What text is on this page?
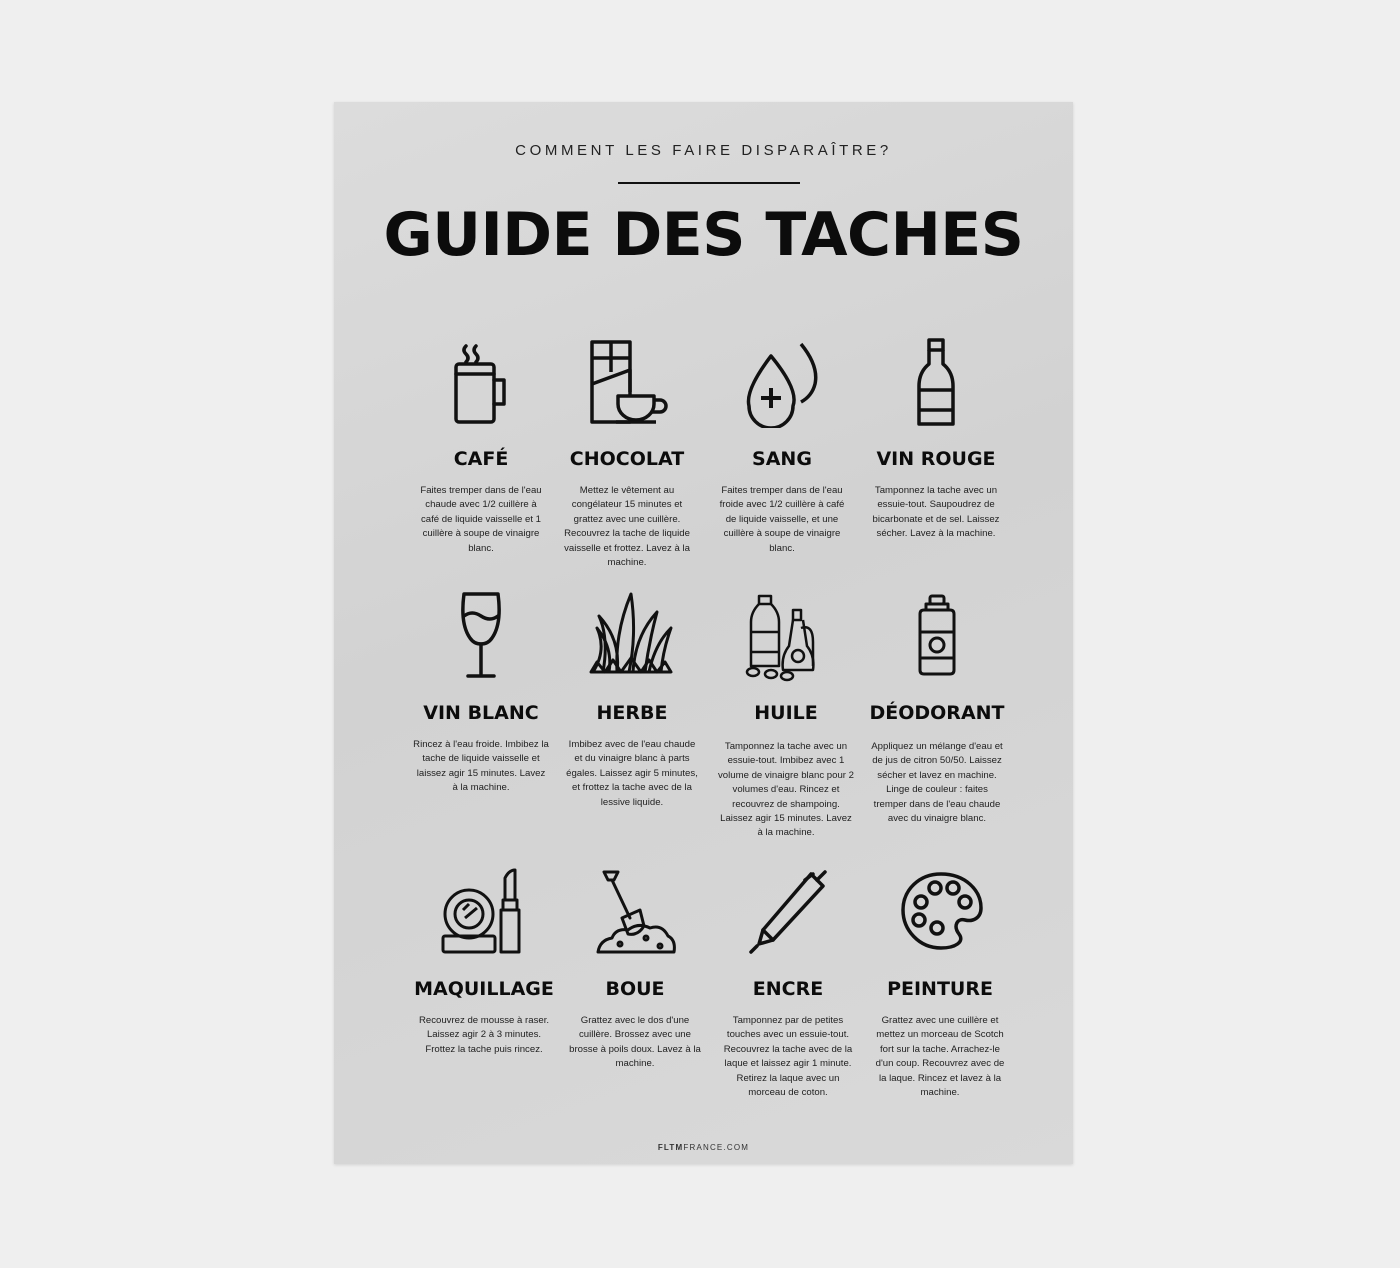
COMMENT LES FAIRE DISPARAÎTRE?
GUIDE DES TACHES
CAFÉ
Faites tremper dans de l'eau chaude avec 1/2 cuillère à café de liquide vaisselle et 1 cuillère à soupe de vinaigre blanc.
CHOCOLAT
Mettez le vêtement au congélateur 15 minutes et grattez avec une cuillère. Recouvrez la tache de liquide vaisselle et frottez. Lavez à la machine.
SANG
Faites tremper dans de l'eau froide avec 1/2 cuillère à café de liquide vaisselle, et une cuillère à soupe de vinaigre blanc.
VIN ROUGE
Tamponnez la tache avec un essuie-tout. Saupoudrez de bicarbonate et de sel. Laissez sécher. Lavez à la machine.
VIN BLANC
Rincez à l'eau froide. Imbibez la tache de liquide vaisselle et laissez agir 15 minutes. Lavez à la machine.
HERBE
Imbibez avec de l'eau chaude et du vinaigre blanc à parts égales. Laissez agir 5 minutes, et frottez la tache avec de la lessive liquide.
HUILE
Tamponnez la tache avec un essuie-tout. Imbibez avec 1 volume de vinaigre blanc pour 2 volumes d'eau. Rincez et recouvrez de shampoing. Laissez agir 15 minutes. Lavez à la machine.
DÉODORANT
Appliquez un mélange d'eau et de jus de citron 50/50. Laissez sécher et lavez en machine. Linge de couleur : faites tremper dans de l'eau chaude avec du vinaigre blanc.
MAQUILLAGE
Recouvrez de mousse à raser. Laissez agir 2 à 3 minutes. Frottez la tache puis rincez.
BOUE
Grattez avec le dos d'une cuillère. Brossez avec une brosse à poils doux. Lavez à la machine.
ENCRE
Tamponnez par de petites touches avec un essuie-tout. Recouvrez la tache avec de la laque et laissez agir 1 minute. Retirez la laque avec un morceau de coton.
PEINTURE
Grattez avec une cuillère et mettez un morceau de Scotch fort sur la tache. Arrachez-le d'un coup. Recouvrez avec de la laque. Rincez et lavez à la machine.
FLTMFRANCE.COM
